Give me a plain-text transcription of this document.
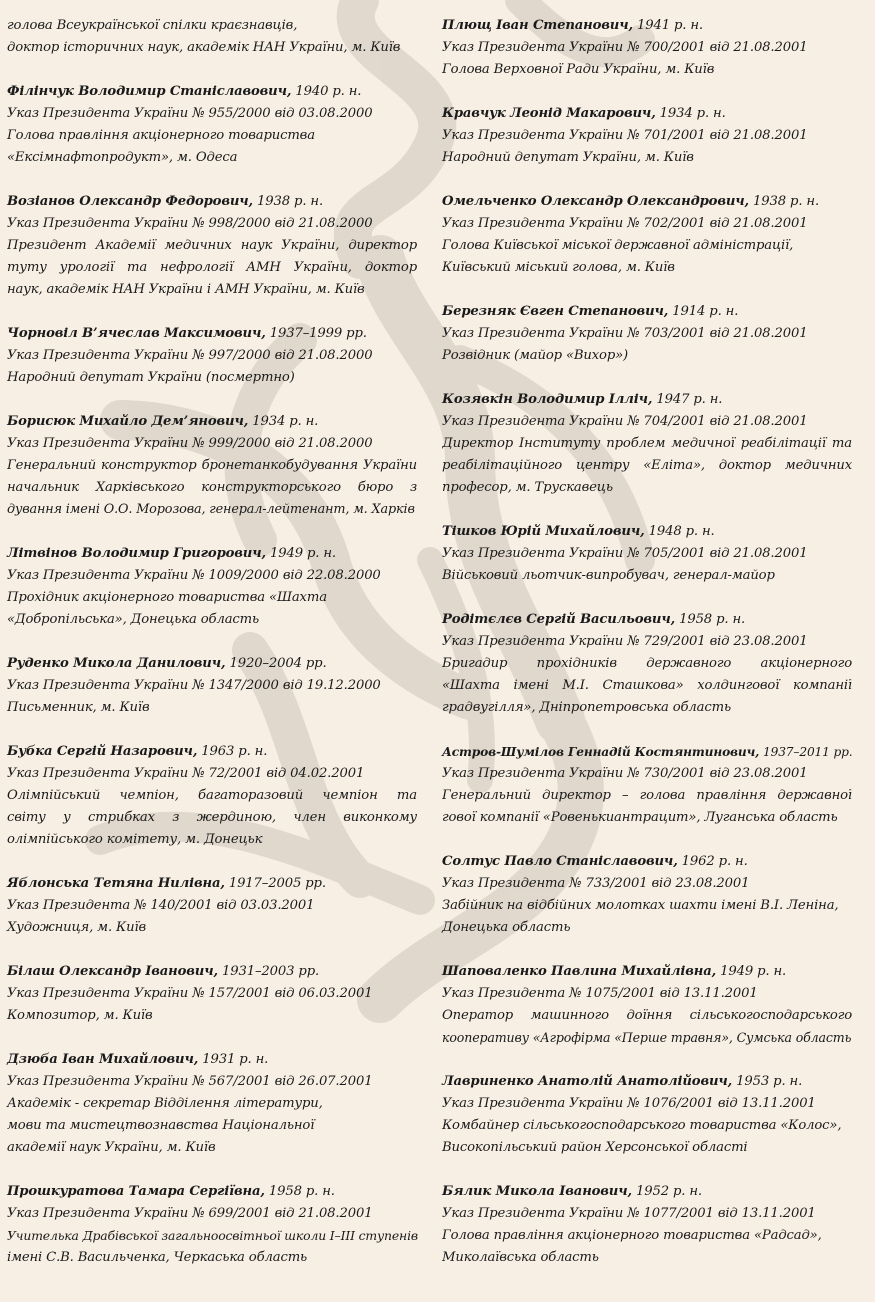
голова Всеукраїнської спілки краєзнавців,
доктор історичних наук, академік НАН України, м. Київ
Філінчук Володимир Станіславович, 1940 р. н.
Указ Президента України № 955/2000 від 03.08.2000
Голова правління акціонерного товариства
«Ексімнафтопродукт», м. Одеса
Возіанов Олександр Федорович, 1938 р. н.
Указ Президента України № 998/2000 від 21.08.2000
Президент Академії медичних наук України, директор
туту урології та нефрології АМН України, доктор
наук, академік НАН України і АМН України, м. Київ
Чорновіл В’ячеслав Максимович, 1937–1999 рр.
Указ Президента України № 997/2000 від 21.08.2000
Народний депутат України (посмертно)
Борисюк Михайло Дем’янович, 1934 р. н.
Указ Президента України № 999/2000 від 21.08.2000
Генеральний конструктор бронетанкобудування України
начальник Харківського конструкторського бюро з
дування імені О.О. Морозова, генерал-лейтенант, м. Харків
Літвінов Володимир Григорович, 1949 р. н.
Указ Президента України № 1009/2000 від 22.08.2000
Прохідник акціонерного товариства «Шахта
«Добропільська», Донецька область
Руденко Микола Данилович, 1920–2004 рр.
Указ Президента України № 1347/2000 від 19.12.2000
Письменник, м. Київ
Бубка Сергій Назарович, 1963 р. н.
Указ Президента України № 72/2001 від 04.02.2001
Олімпійський чемпіон, багаторазовий чемпіон та
світу у стрибках з жердиною, член виконкому
олімпійського комітету, м. Донецьк
Яблонська Тетяна Нилівна, 1917–2005 рр.
Указ Президента № 140/2001 від 03.03.2001
Художниця, м. Київ
Білаш Олександр Іванович, 1931–2003 рр.
Указ Президента України № 157/2001 від 06.03.2001
Композитор, м. Київ
Дзюба Іван Михайлович, 1931 р. н.
Указ Президента України № 567/2001 від 26.07.2001
Академік - секретар Відділення літератури,
мови та мистецтвознавства Національної
академії наук України, м. Київ
Прошкуратова Тамара Сергіївна, 1958 р. н.
Указ Президента України № 699/2001 від 21.08.2001
Учителька Драбівської загальноосвітньої школи I–III ступенів
імені С.В. Васильченка, Черкаська область
Плющ Іван Степанович, 1941 р. н.
Указ Президента України № 700/2001 від 21.08.2001
Голова Верховної Ради України, м. Київ
Кравчук Леонід Макарович, 1934 р. н.
Указ Президента України № 701/2001 від 21.08.2001
Народний депутат України, м. Київ
Омельченко Олександр Олександрович, 1938 р. н.
Указ Президента України № 702/2001 від 21.08.2001
Голова Київської міської державної адміністрації,
Київський міський голова, м. Київ
Березняк Євген Степанович, 1914 р. н.
Указ Президента України № 703/2001 від 21.08.2001
Розвідник (майор «Вихор»)
Козявкін Володимир Ілліч, 1947 р. н.
Указ Президента України № 704/2001 від 21.08.2001
Директор Інституту проблем медичної реабілітації та
реабілітаційного центру «Еліта», доктор медичних
професор, м. Трускавець
Тішков Юрій Михайлович, 1948 р. н.
Указ Президента України № 705/2001 від 21.08.2001
Військовий льотчик-випробувач, генерал-майор
Родітєлєв Сергій Васильович, 1958 р. н.
Указ Президента України № 729/2001 від 23.08.2001
Бригадир прохідників державного акціонерного
«Шахта імені М.І. Сташкова» холдингової компанії
градвугілля», Дніпропетровська область
Астров-Шумілов Геннадій Костянтинович, 1937–2011 рр.
Указ Президента України № 730/2001 від 23.08.2001
Генеральний директор – голова правління державної
гової компанії «Ровенькиантрацит», Луганська область
Солтус Павло Станіславович, 1962 р. н.
Указ Президента № 733/2001 від 23.08.2001
Забійник на відбійних молотках шахти імені В.І. Леніна,
Донецька область
Шаповаленко Павлина Михайлівна, 1949 р. н.
Указ Президента № 1075/2001 від 13.11.2001
Оператор машинного доїння сільськогосподарського
кооперативу «Агрофірма «Перше травня», Сумська область
Лавриненко Анатолій Анатолійович, 1953 р. н.
Указ Президента України № 1076/2001 від 13.11.2001
Комбайнер сільськогосподарського товариства «Колос»,
Високопільський район Херсонської області
Бялик Микола Іванович, 1952 р. н.
Указ Президента України № 1077/2001 від 13.11.2001
Голова правління акціонерного товариства «Радсад»,
Миколаївська область
